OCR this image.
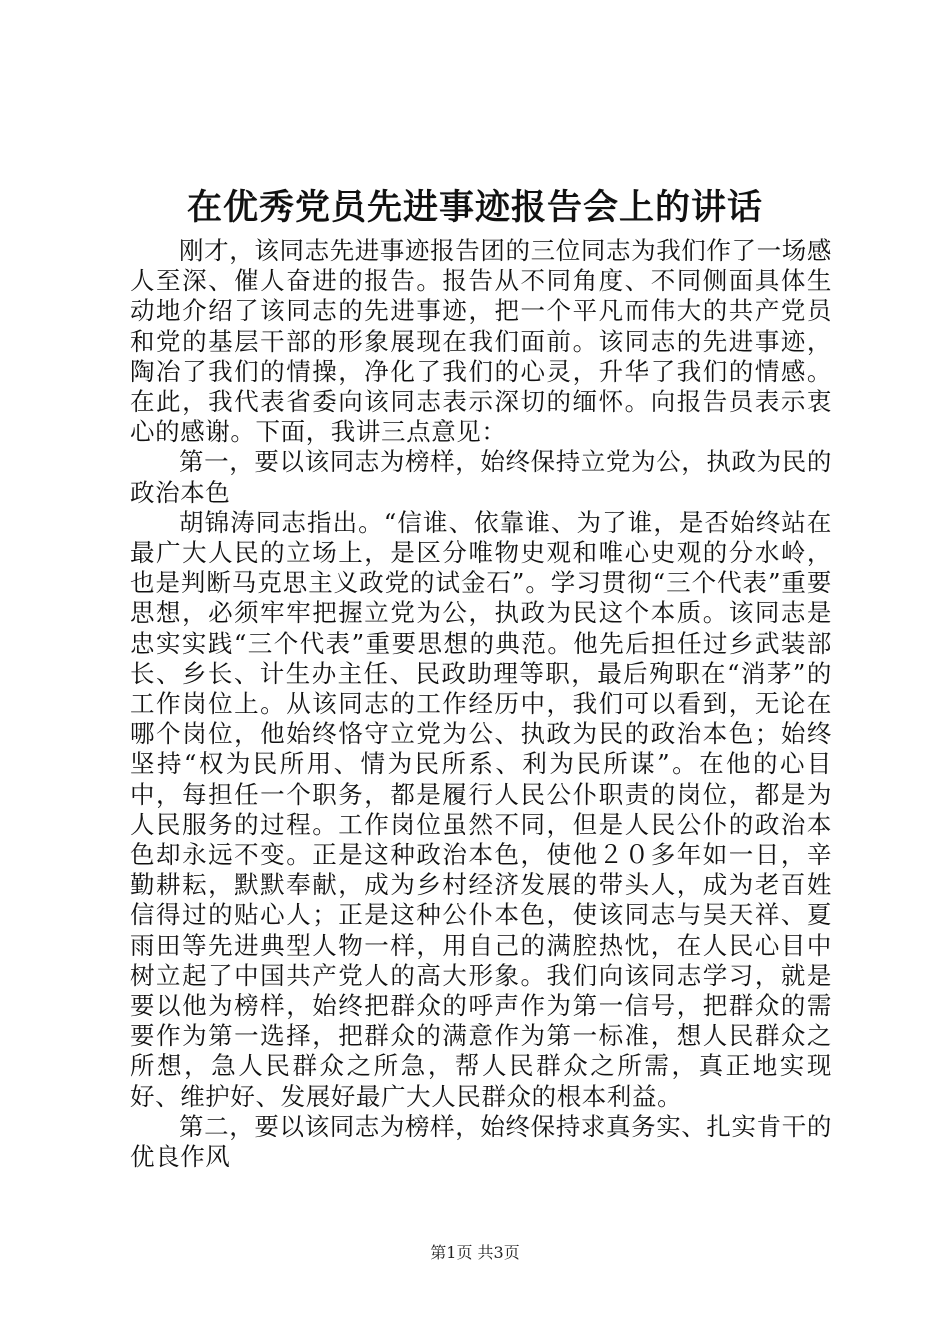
在优秀党员先进事迹报告会上的讲话

刚才，该同志先进事迹报告团的三位同志为我们作了一场感人至深、催人奋进的报告。报告从不同角度、不同侧面具体生动地介绍了该同志的先进事迹，把一个平凡而伟大的共产党员和党的基层干部的形象展现在我们面前。该同志的先进事迹，陶冶了我们的情操，净化了我们的心灵，升华了我们的情感。在此，我代表省委向该同志表示深切的缅怀。向报告员表示衷心的感谢。下面，我讲三点意见：

第一，要以该同志为榜样，始终保持立党为公，执政为民的政治本色

胡锦涛同志指出。“信谁、依靠谁、为了谁，是否始终站在最广大人民的立场上，是区分唯物史观和唯心史观的分水岭，也是判断马克思主义政党的试金石”。学习贯彻“三个代表”重要思想，必须牢牢把握立党为公，执政为民这个本质。该同志是忠实实践“三个代表”重要思想的典范。他先后担任过乡武装部长、乡长、计生办主任、民政助理等职，最后殉职在“消茅”的工作岗位上。从该同志的工作经历中，我们可以看到，无论在哪个岗位，他始终恪守立党为公、执政为民的政治本色；始终坚持“权为民所用、情为民所系、利为民所谋”。在他的心目中，每担任一个职务，都是履行人民公仆职责的岗位，都是为人民服务的过程。工作岗位虽然不同，但是人民公仆的政治本色却永远不变。正是这种政治本色，使他２０多年如一日，辛勤耕耘，默默奉献，成为乡村经济发展的带头人，成为老百姓信得过的贴心人；正是这种公仆本色，使该同志与吴天祥、夏雨田等先进典型人物一样，用自己的满腔热忱，在人民心目中树立起了中国共产党人的高大形象。我们向该同志学习，就是要以他为榜样，始终把群众的呼声作为第一信号，把群众的需要作为第一选择，把群众的满意作为第一标准，想人民群众之所想，急人民群众之所急，帮人民群众之所需，真正地实现好、维护好、发展好最广大人民群众的根本利益。

第二，要以该同志为榜样，始终保持求真务实、扎实肯干的优良作风

第1页 共3页
